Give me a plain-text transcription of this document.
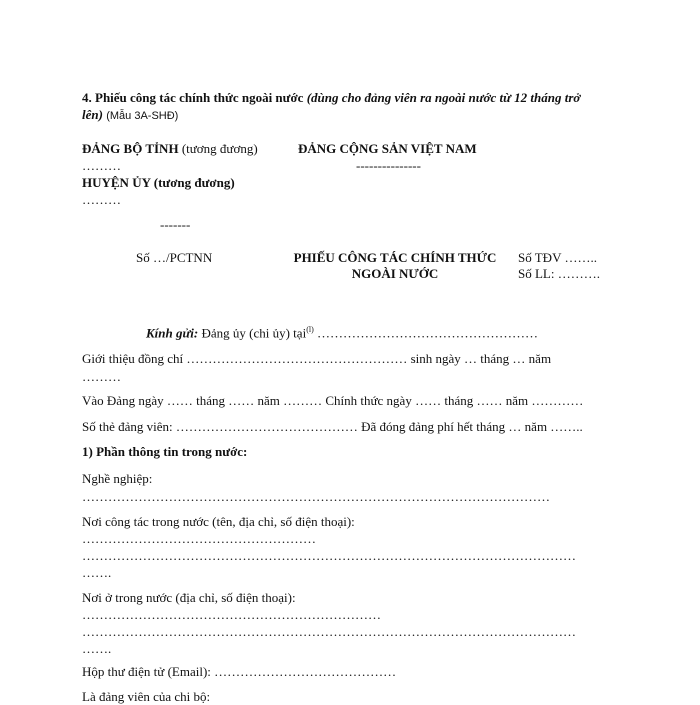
4. Phiếu công tác chính thức ngoài nước (dùng cho đảng viên ra ngoài nước từ 12 tháng trở
lên) (Mẫu 3A-SHĐ)
ĐẢNG BỘ TỈNH (tương đương)
………
HUYỆN ỦY (tương đương)
………
-------
ĐẢNG CỘNG SẢN VIỆT NAM
---------------
Số …/PCTNN	PHIẾU CÔNG TÁC CHÍNH THỨC
NGOÀI NƯỚC
Số TĐV ……..
Số LL: ……….
Kính gửi: Đảng ủy (chi ủy) tại$^{(l)}$ ……………………………………………
Giới thiệu đồng chí …………………………………………… sinh ngày … tháng … năm
………
Vào Đảng ngày …… tháng …… năm ……… Chính thức ngày …… tháng …… năm …………
Số thẻ đảng viên: …………………………………… Đã đóng đảng phí hết tháng … năm ……..
1) Phần thông tin trong nước:
Nghề nghiệp:
………………………………………………………………………………………………
Nơi công tác trong nước (tên, địa chỉ, số điện thoại):
………………………………………………
……………………………………………………………………………………………………
…….
Nơi ở trong nước (địa chỉ, số điện thoại):
……………………………………………………………
……………………………………………………………………………………………………
…….
Hộp thư điện tử (Email): ……………………………………
Là đảng viên của chi bộ:
